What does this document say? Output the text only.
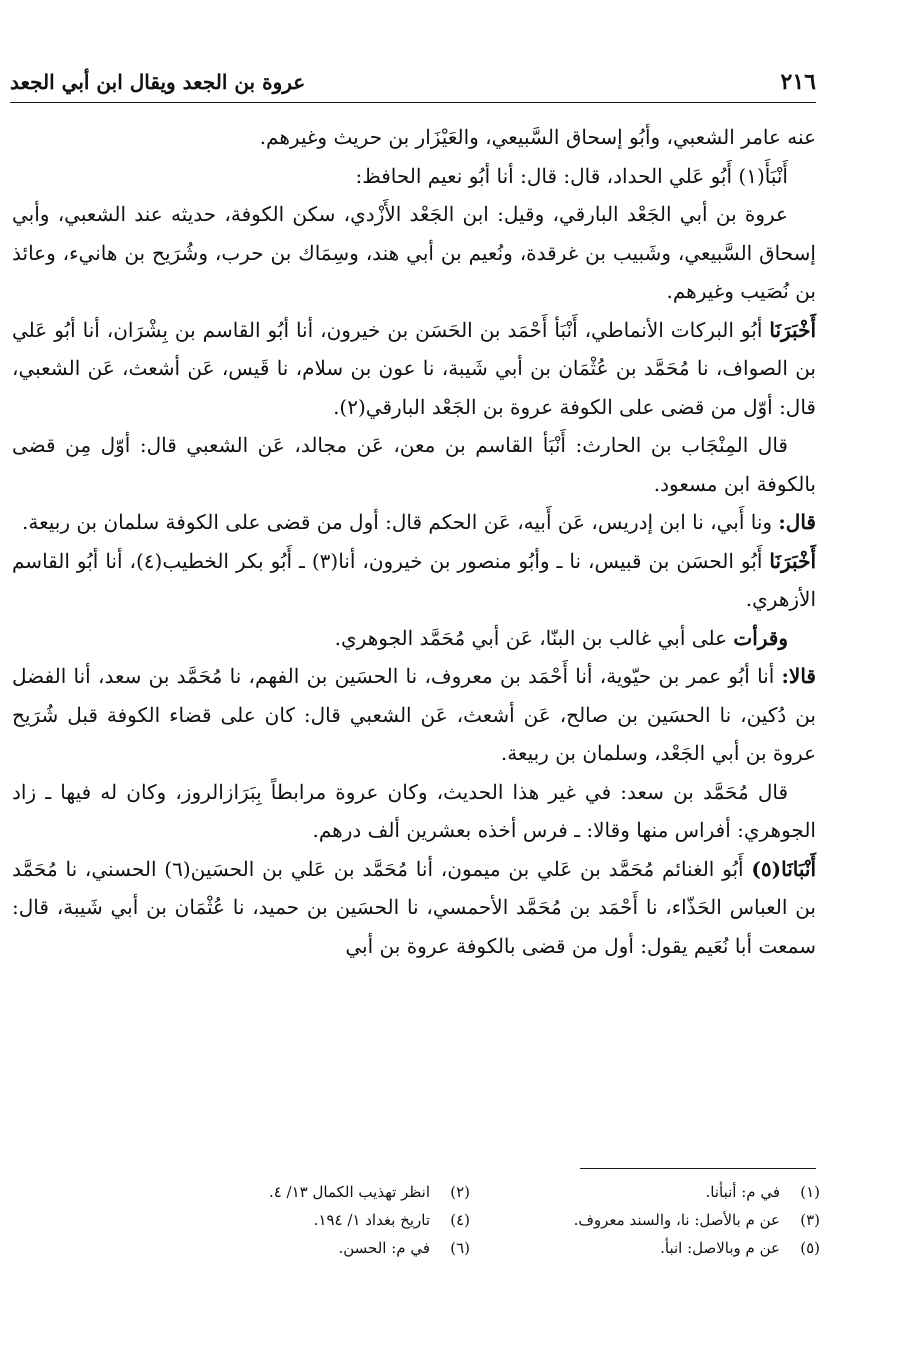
٢١٦
عروة بن الجعد ويقال ابن أبي الجعد

عنه عامر الشعبي، وأبُو إسحاق السَّبيعي، والعَيْزَار بن حريث وغيرهم.

أَنْبَأَ(١) أَبُو عَلي الحداد، قال: قال: أنا أبُو نعيم الحافظ:

عروة بن أبي الجَعْد البارقي، وقيل: ابن الجَعْد الأَزْدي، سكن الكوفة، حديثه عند الشعبي، وأبي إسحاق السَّبيعي، وشَبيب بن غرقدة، ونُعيم بن أبي هند، وسِمَاك بن حرب، وشُرَيح بن هانيء، وعائذ بن نُصَيب وغيرهم.

أَخْبَرَنَا أبُو البركات الأنماطي، أَنْبَأ أَحْمَد بن الحَسَن بن خيرون، أنا أبُو القاسم بن بِشْرَان، أنا أبُو عَلي بن الصواف، نا مُحَمَّد بن عُثْمَان بن أبي شَيبة، نا عون بن سلام، نا قَيس، عَن أشعث، عَن الشعبي، قال: أوّل من قضى على الكوفة عروة بن الجَعْد البارقي(٢).

قال المِنْجَاب بن الحارث: أَنْبَأ القاسم بن معن، عَن مجالد، عَن الشعبي قال: أوّل مِن قضى بالكوفة ابن مسعود.

قال: ونا أَبي، نا ابن إدريس، عَن أَبيه، عَن الحكم قال: أول من قضى على الكوفة سلمان بن ربيعة.

أَخْبَرَنَا أَبُو الحسَن بن قبيس، نا ـ وأبُو منصور بن خيرون، أنا(٣) ـ أَبُو بكر الخطيب(٤)، أنا أبُو القاسم الأزهري.

وقرأت على أبي غالب بن البنّا، عَن أبي مُحَمَّد الجوهري.

قالا: أنا أبُو عمر بن حيّوية، أنا أَحْمَد بن معروف، نا الحسَين بن الفهم، نا مُحَمَّد بن سعد، أنا الفضل بن دُكين، نا الحسَين بن صالح، عَن أشعث، عَن الشعبي قال: كان على قضاء الكوفة قبل شُرَيح عروة بن أبي الجَعْد، وسلمان بن ربيعة.

قال مُحَمَّد بن سعد: في غير هذا الحديث، وكان عروة مرابطاً بِبَرَازالروز، وكان له فيها ـ زاد الجوهري: أفراس منها وقالا: ـ فرس أخذه بعشرين ألف درهم.

أَنْبَانَا(٥) أَبُو الغنائم مُحَمَّد بن عَلي بن ميمون، أنا مُحَمَّد بن عَلي بن الحسَين(٦) الحسني، نا مُحَمَّد بن العباس الحَذّاء، نا أَحْمَد بن مُحَمَّد الأحمسي، نا الحسَين بن حميد، نا عُثْمَان بن أبي شَيبة، قال: سمعت أبا نُعَيم يقول: أول من قضى بالكوفة عروة بن أبي

(١)
في م: أنبأنا.
(٢)
انظر تهذيب الكمال ١٣/ ٤.
(٣)
عن م بالأصل: نا، والسند معروف.
(٤)
تاريخ بغداد ١/ ١٩٤.
(٥)
عن م وبالاصل: انبأ.
(٦)
في م: الحسن.
